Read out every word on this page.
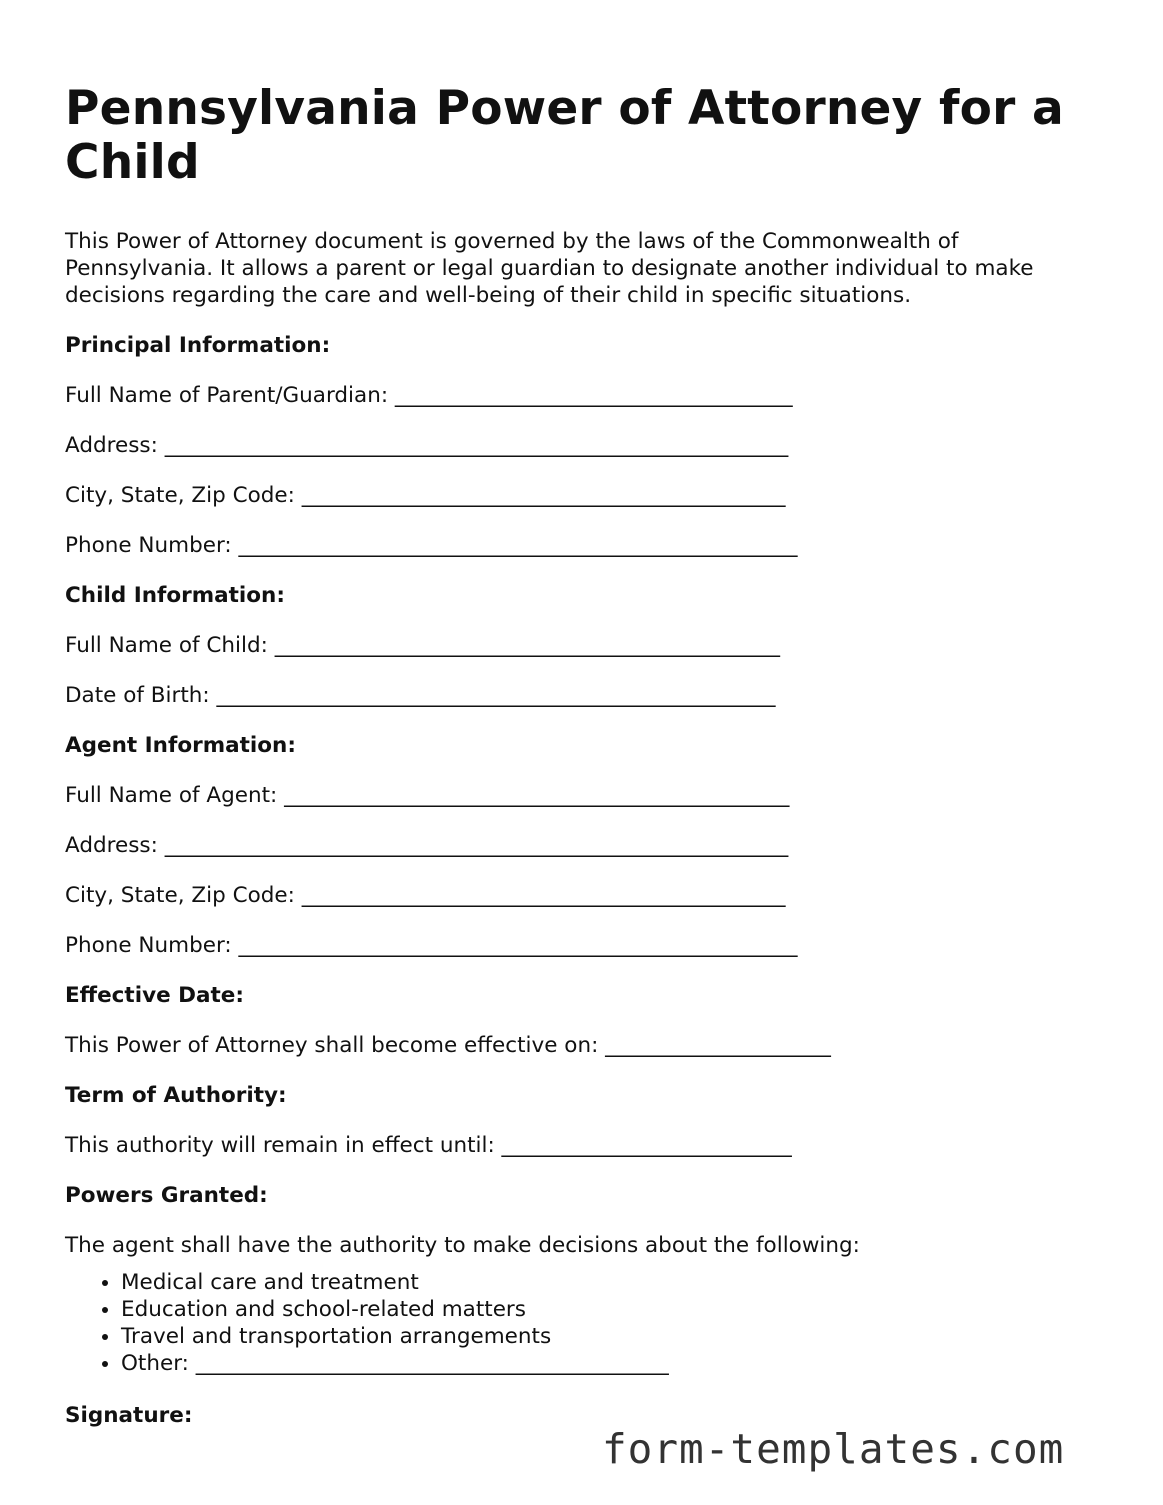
Pennsylvania Power of Attorney for a Child

This Power of Attorney document is governed by the laws of the Commonwealth of Pennsylvania. It allows a parent or legal guardian to designate another individual to make decisions regarding the care and well-being of their child in specific situations.

Principal Information:
Full Name of Parent/Guardian: _____________________________________
Address: __________________________________________________________
City, State, Zip Code: _____________________________________________
Phone Number: ____________________________________________________
Child Information:
Full Name of Child: _______________________________________________
Date of Birth: ____________________________________________________
Agent Information:
Full Name of Agent: _______________________________________________
Address: __________________________________________________________
City, State, Zip Code: _____________________________________________
Phone Number: ____________________________________________________
Effective Date:
This Power of Attorney shall become effective on: _____________________
Term of Authority:
This authority will remain in effect until: ___________________________
Powers Granted:
The agent shall have the authority to make decisions about the following:
• Medical care and treatment
• Education and school-related matters
• Travel and transportation arrangements
• Other: ____________________________________________
Signature:
form-templates.com
